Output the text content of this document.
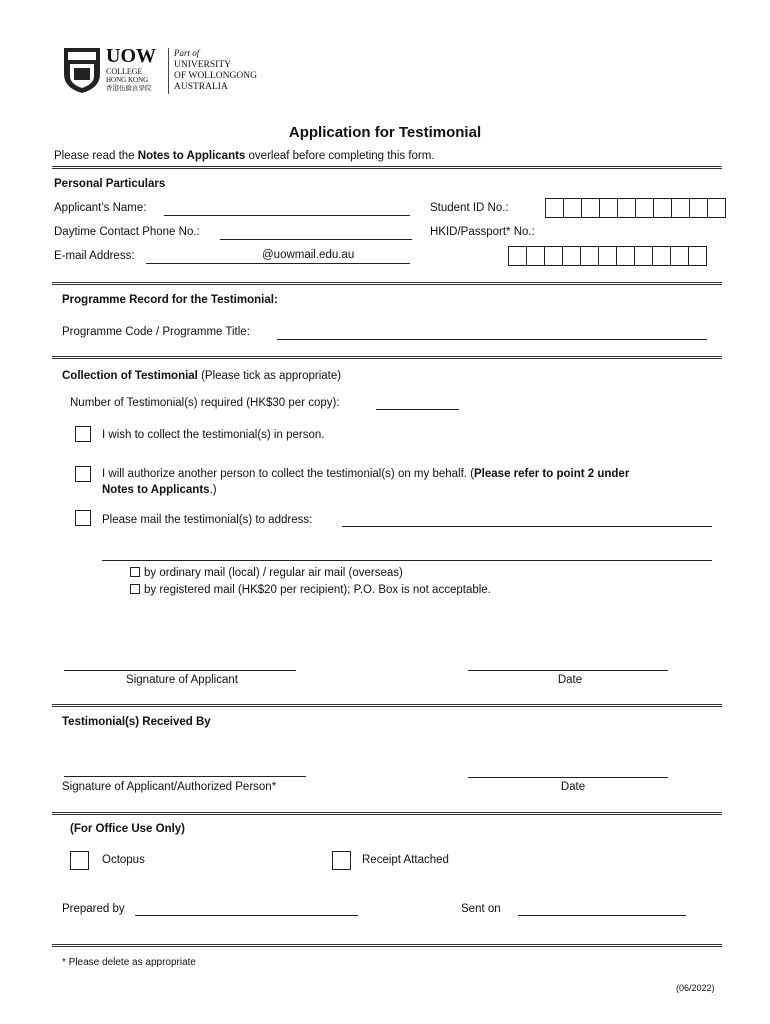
UOW
COLLEGE
HONG KONG
香港伍倫貢學院
Part of
UNIVERSITY
OF WOLLONGONG
AUSTRALIA
Application for Testimonial
Please read the Notes to Applicants overleaf before completing this form.
Personal Particulars
Applicant’s Name:
Daytime Contact Phone No.:
E-mail Address:	@uowmail.edu.au
Student ID No.:
HKID/Passport* No.:
Programme Record for the Testimonial:
Programme Code / Programme Title:
Collection of Testimonial (Please tick as appropriate)
Number of Testimonial(s) required (HK$30 per copy):
I wish to collect the testimonial(s) in person.
I will authorize another person to collect the testimonial(s) on my behalf. (Please refer to point 2 under
Notes to Applicants.)
Please mail the testimonial(s) to address:
by ordinary mail (local) / regular air mail (overseas)
by registered mail (HK$20 per recipient); P.O. Box is not acceptable.
Signature of Applicant	Date
Testimonial(s) Received By
Signature of Applicant/Authorized Person*	Date
(For Office Use Only)
Octopus	Receipt Attached
Prepared by	Sent on
* Please delete as appropriate
(06/2022)
